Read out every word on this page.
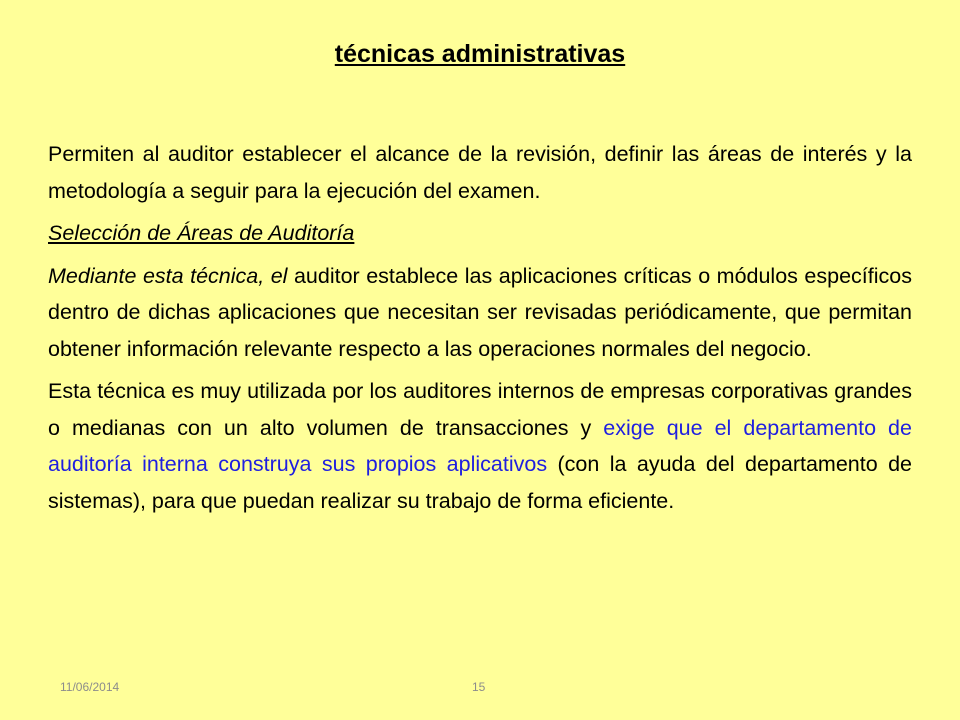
técnicas administrativas

Permiten al auditor establecer el alcance de la revisión, definir las áreas de interés y la metodología a seguir para la ejecución del examen.

Selección de Áreas de Auditoría

Mediante esta técnica, el auditor establece las aplicaciones críticas o módulos específicos dentro de dichas aplicaciones que necesitan ser revisadas periódicamente, que permitan obtener información relevante respecto a las operaciones normales del negocio.

Esta técnica es muy utilizada por los auditores internos de empresas corporativas grandes o medianas con un alto volumen de transacciones y exige que el departamento de auditoría interna construya sus propios aplicativos (con la ayuda del departamento de sistemas), para que puedan realizar su trabajo de forma eficiente.

11/06/2014	15
